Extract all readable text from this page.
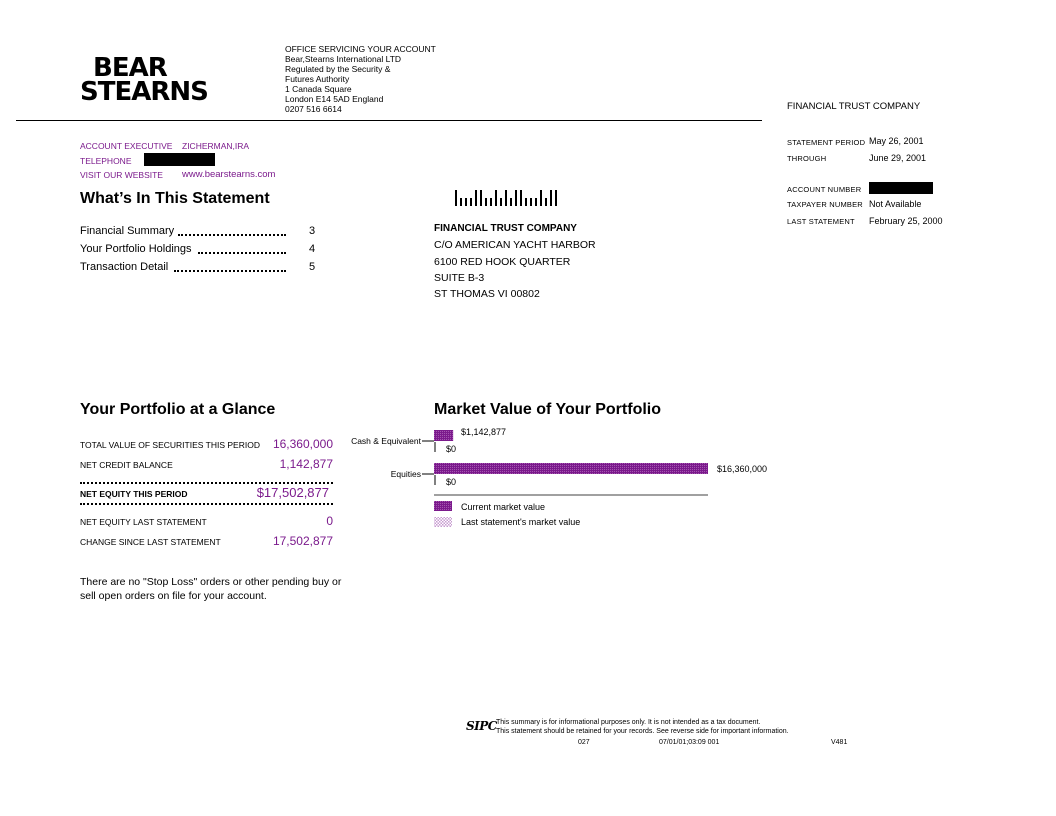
BEAR
STEARNS
OFFICE SERVICING YOUR ACCOUNT
Bear,Stearns International LTD
Regulated by the Security &
Futures Authority
1 Canada Square
London E14 5AD England
0207 516 6614	FINANCIAL TRUST COMPANY
ACCOUNT EXECUTIVE ZICHERMAN,IRA
TELEPHONE
VISIT OUR WEBSITE www.bearstearns.com
STATEMENT PERIOD May 26, 2001
THROUGH	June 29, 2001
ACCOUNT NUMBER
TAXPAYER NUMBER Not Available
LAST STATEMENT February 25, 2000
What’s In This Statement
Financial Summary	3
Your Portfolio Holdings	4
Transaction Detail	5
FINANCIAL TRUST COMPANY
C/O AMERICAN YACHT HARBOR
6100 RED HOOK QUARTER
SUITE B-3
ST THOMAS VI 00802
Your Portfolio at a Glance
TOTAL VALUE OF SECURITIES THIS PERIOD 16,360,000
NET CREDIT BALANCE	1,142,877
NET EQUITY THIS PERIOD	$17,502,877
NET EQUITY LAST STATEMENT	0
CHANGE SINCE LAST STATEMENT	17,502,877
There are no "Stop Loss" orders or other pending buy or sell open orders on file for your account.
Market Value of Your Portfolio
Cash & Equivalent
$1,142,877
$0
Equities	$16,360,000
$0
Current market value
Last statement's market value
SIPC This summary is for informational purposes only. It is not intended as a tax document.
This statement should be retained for your records. See reverse side for important information.
027	07/01/01;03:09 001	V481
